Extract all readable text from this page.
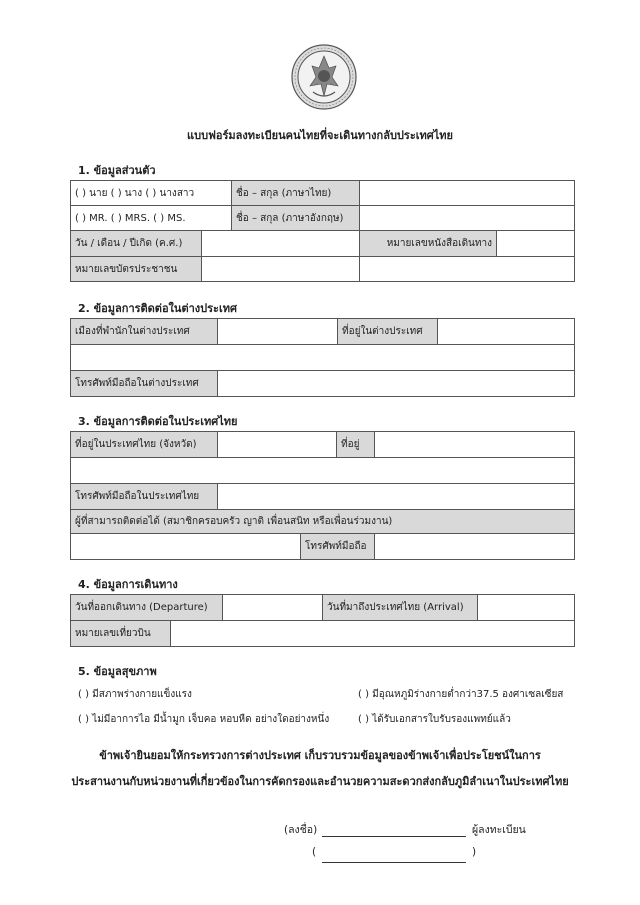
แบบฟอร์มลงทะเบียนคนไทยที่จะเดินทางกลับประเทศไทย
1. ข้อมูลส่วนตัว
( ) นาย ( ) นาง ( ) นางสาว		ชื่อ – สกุล (ภาษาไทย)	
( ) MR. ( ) MRS. ( ) MS.		ชื่อ – สกุล (ภาษาอังกฤษ)	
วัน / เดือน / ปีเกิด (ค.ศ.)			หมายเลขหนังสือเดินทาง

หมายเลขบัตรประชาชน			
2. ข้อมูลการติดต่อในต่างประเทศ
เมืองที่พำนักในต่างประเทศ		ที่อยู่ในต่างประเทศ	

โทรศัพท์มือถือในต่างประเทศ			
3. ข้อมูลการติดต่อในประเทศไทย
ที่อยู่ในประเทศไทย (จังหวัด)			ที่อยู่	

โทรศัพท์มือถือในประเทศไทย				
ผู้ที่สามารถติดต่อได้ (สมาชิกครอบครัว ญาติ เพื่อนสนิท หรือเพื่อนร่วมงาน)				
		โทรศัพท์มือถือ		
4. ข้อมูลการเดินทาง
วันที่ออกเดินทาง (Departure)			วันที่มาถึงประเทศไทย (Arrival)	
หมายเลขเที่ยวบิน				
5. ข้อมูลสุขภาพ
( ) มีสภาพร่างกายแข็งแรง	( ) มีอุณหภูมิร่างกายต่ำกว่า37.5 องศาเซลเซียส
( ) ไม่มีอาการไอ มีน้ำมูก เจ็บคอ หอบหืด อย่างใดอย่างหนึ่ง	( ) ได้รับเอกสารใบรับรองแพทย์แล้ว
ข้าพเจ้ายินยอมให้กระทรวงการต่างประเทศ เก็บรวบรวมข้อมูลของข้าพเจ้าเพื่อประโยชน์ในการ
ประสานงานกับหน่วยงานที่เกี่ยวข้องในการคัดกรองและอำนวยความสะดวกส่งกลับภูมิลำเนาในประเทศไทย
(ลงชื่อ)	ผู้ลงทะเบียน
(	)
